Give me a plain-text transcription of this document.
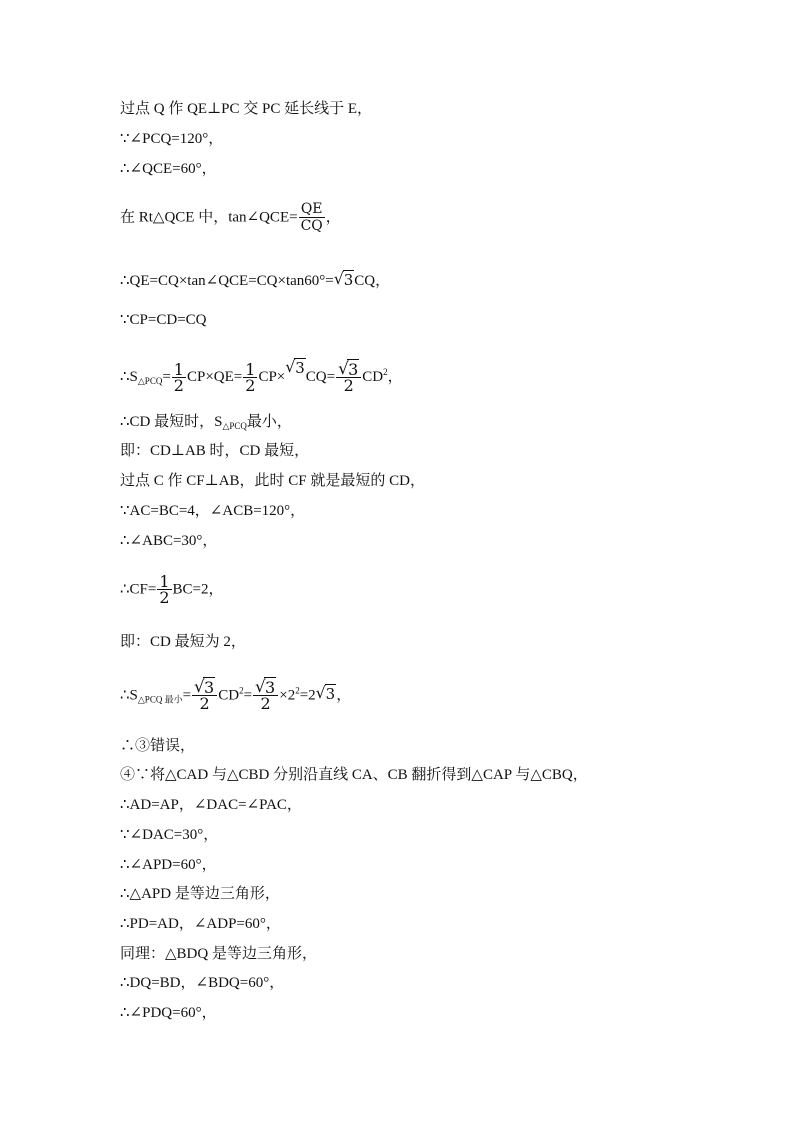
过点 Q 作 QE⊥PC 交 PC 延长线于 E，
∵∠PCQ=120°，
∴∠QCE=60°，
在 Rt△QCE 中，tan∠QCE= $\frac{QE}{CQ}$ ，
∴QE=CQ×tan∠QCE=CQ×tan60°=√ 3CQ，
∵CP=CD=CQ
$\therefore S_{\triangle PCQ}= \frac{1}{2} CP\times QE= \frac{1}{2} CP\times√$ 3CQ=
√ $\frac{3}{2} CD^2$，
∴CD 最短时，$S_{\triangle PCQ}$最小，
即：CD⊥AB 时，CD 最短，
过点 C 作 CF⊥AB，此时 CF 就是最短的 CD，
∵AC=BC=4，∠ACB=120°，
∴∠ABC=30°，
∴CF= $\frac{1}{2} BC=2$，
即：CD 最短为 2，
$\therefore S_{\triangle PCQ 最小}=$
√ $\frac{3}{2} CD^2=$
√ $\frac{3}{2} \times 2^2=2√$ 3，
∴③错误，
④∵将△CAD 与△CBD 分别沿直线 CA、CB 翻折得到△CAP 与△CBQ，
∴AD=AP，∠DAC=∠PAC，
∵∠DAC=30°，
∴∠APD=60°，
∴△APD 是等边三角形，
∴PD=AD，∠ADP=60°，
同理：△BDQ 是等边三角形，
∴DQ=BD，∠BDQ=60°，
∴∠PDQ=60°，
